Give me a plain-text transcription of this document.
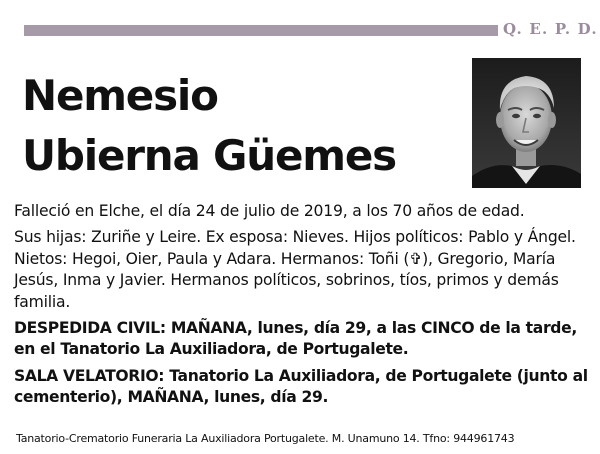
Q. E. P. D.
Nemesio
Ubierna Güemes

Falleció en Elche, el día 24 de julio de 2019, a los 70 años de edad.

Sus hijas: Zuriñe y Leire. Ex esposa: Nieves. Hijos políticos: Pablo y Ángel. Nietos: Hegoi, Oier, Paula y Adara. Hermanos: Toñi (✞), Gregorio, María Jesús, Inma y Javier. Hermanos políticos, sobrinos, tíos, primos y demás familia.

DESPEDIDA CIVIL: MAÑANA, lunes, día 29, a las CINCO de la tarde, en el Tanatorio La Auxiliadora, de Portugalete.

SALA VELATORIO: Tanatorio La Auxiliadora, de Portugalete (junto al cementerio), MAÑANA, lunes, día 29.

Tanatorio-Crematorio Funeraria La Auxiliadora Portugalete. M. Unamuno 14. Tfno: 944961743
